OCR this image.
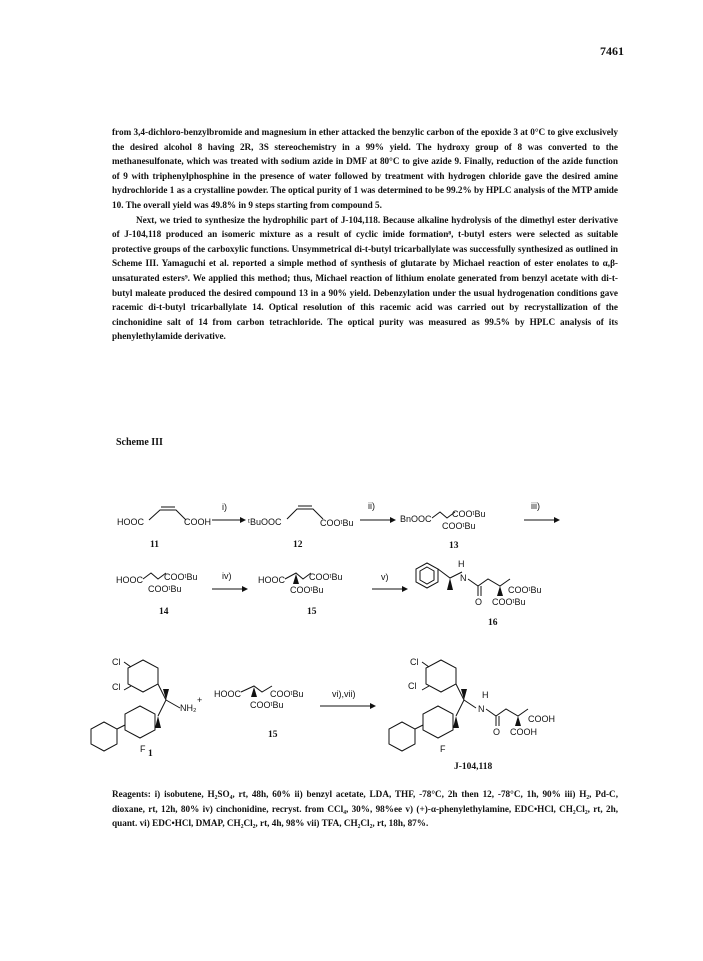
7461

from 3,4-dichloro-benzylbromide and magnesium in ether attacked the benzylic carbon of the epoxide 3 at 0°C to give exclusively the desired alcohol 8 having 2R, 3S stereochemistry in a 99% yield. The hydroxy group of 8 was converted to the methanesulfonate, which was treated with sodium azide in DMF at 80°C to give azide 9. Finally, reduction of the azide function of 9 with triphenylphosphine in the presence of water followed by treatment with hydrogen chloride gave the desired amine hydrochloride 1 as a crystalline powder. The optical purity of 1 was determined to be 99.2% by HPLC analysis of the MTP amide 10. The overall yield was 49.8% in 9 steps starting from compound 5.

Next, we tried to synthesize the hydrophilic part of J-104,118. Because alkaline hydrolysis of the dimethyl ester derivative of J-104,118 produced an isomeric mixture as a result of cyclic imide formation⁸, t-butyl esters were selected as suitable protective groups of the carboxylic functions. Unsymmetrical di-t-butyl tricarballylate was successfully synthesized as outlined in Scheme III. Yamaguchi et al. reported a simple method of synthesis of glutarate by Michael reaction of ester enolates to α,β-unsaturated esters⁹. We applied this method; thus, Michael reaction of lithium enolate generated from benzyl acetate with di-t-butyl maleate produced the desired compound 13 in a 90% yield. Debenzylation under the usual hydrogenation conditions gave racemic di-t-butyl tricarballylate 14. Optical resolution of this racemic acid was carried out by recrystallization of the cinchonidine salt of 14 from carbon tetrachloride. The optical purity was measured as 99.5% by HPLC analysis of its phenylethylamide derivative.

Scheme III
HOOC	COOH
11
i)
ᵗBuOOC	COOᵗBu
12
ii)
BnOOC COOᵗBu
COOᵗBu
13
iii)
HOOC COOᵗBu
COOᵗBu
14
iv)	HOOC	COOᵗBu
COOᵗBu
15
v)
H
N
O
COOᵗBu
COOᵗBu
16
Cl
Cl
NH₂
F
+
1
HOOC	COOᵗBu
COOᵗBu
15
vi),vii)
Cl
Cl
H
N
O
COOH
COOH
F
J-104,118
Reagents: i) isobutene, H₂SO₄, rt, 48h, 60% ii) benzyl acetate, LDA, THF, -78°C, 2h then 12, -78°C, 1h, 90% iii) H₂, Pd-C, dioxane, rt, 12h, 80% iv) cinchonidine, recryst. from CCl₄, 30%, 98%ee v) (+)-α-phenylethylamine, EDC•HCl, CH₂Cl₂, rt, 2h, quant. vi) EDC•HCl, DMAP, CH₂Cl₂, rt, 4h, 98% vii) TFA, CH₂Cl₂, rt, 18h, 87%.
